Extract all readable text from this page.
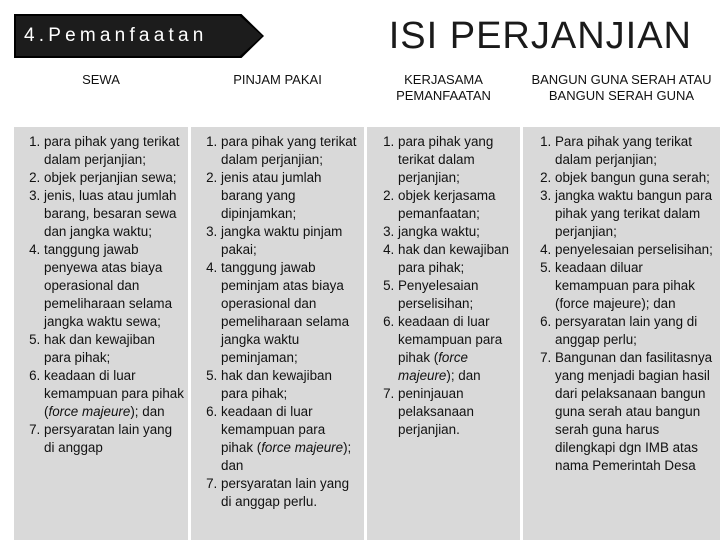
4.Pemanfaatan	ISI PERJANJIAN
SEWA
1. para pihak yang terikat dalam perjanjian;
2. objek perjanjian sewa;
3. jenis, luas atau jumlah barang, besaran sewa dan jangka waktu;
4. tanggung jawab penyewa atas biaya operasional dan pemeliharaan selama jangka waktu sewa;
5. hak dan kewajiban para pihak;
6. keadaan di luar kemampuan para pihak (force majeure); dan
7. persyaratan lain yang di anggap
PINJAM PAKAI
1. para pihak yang terikat dalam perjanjian;
2. jenis atau jumlah barang yang dipinjamkan;
3. jangka waktu pinjam pakai;
4. tanggung jawab peminjam atas biaya operasional dan pemeliharaan selama jangka waktu peminjaman;
5. hak dan kewajiban para pihak;
6. keadaan di luar kemampuan para pihak (force majeure); dan
7. persyaratan lain yang di anggap perlu.
KERJASAMA PEMANFAATAN
1. para pihak yang terikat dalam perjanjian;
2. objek kerjasama pemanfaatan;
3. jangka waktu;
4. hak dan kewajiban para pihak;
5. Penyelesaian perselisihan;
6. keadaan di luar kemampuan para pihak (force majeure); dan
7. peninjauan pelaksanaan perjanjian.
BANGUN GUNA SERAH ATAU BANGUN SERAH GUNA
1. Para pihak yang terikat dalam perjanjian;
2. objek bangun guna serah;
3. jangka waktu bangun para pihak yang terikat dalam perjanjian;
4. penyelesaian perselisihan;
5. keadaan diluar kemampuan para pihak (force majeure); dan
6. persyaratan lain yang di anggap perlu;
7. Bangunan dan fasilitasnya yang menjadi bagian hasil dari pelaksanaan bangun guna serah atau bangun serah guna harus dilengkapi dgn IMB atas nama Pemerintah Desa
